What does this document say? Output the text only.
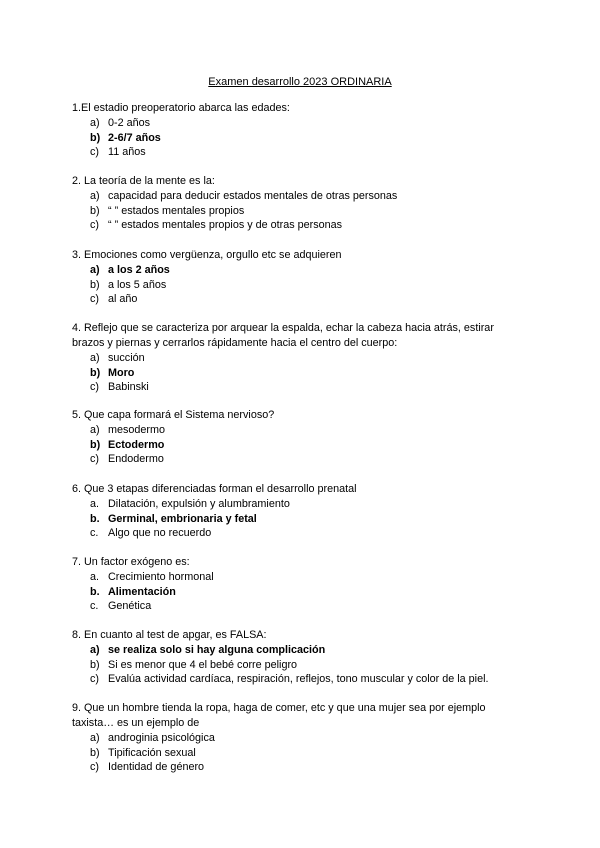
Examen desarrollo 2023 ORDINARIA

1.El estadio preoperatorio abarca las edades:

a) 0-2 años
b) 2-6/7 años
c) 11 años

2. La teoría de la mente es la:

a) capacidad para deducir estados mentales de otras personas
b) “ ” estados mentales propios
c) “ ” estados mentales propios y de otras personas

3. Emociones como vergüenza, orgullo etc se adquieren

a) a los 2 años
b) a los 5 años
c) al año

4. Reflejo que se caracteriza por arquear la espalda, echar la cabeza hacia atrás, estirar brazos y piernas y cerrarlos rápidamente hacia el centro del cuerpo:

a) succión
b) Moro
c) Babinski

5. Que capa formará el Sistema nervioso?

a) mesodermo
b) Ectodermo
c) Endodermo

6. Que 3 etapas diferenciadas forman el desarrollo prenatal

a. Dilatación, expulsión y alumbramiento
b. Germinal, embrionaria y fetal
c. Algo que no recuerdo

7. Un factor exógeno es:

a. Crecimiento hormonal
b. Alimentación
c. Genética

8. En cuanto al test de apgar, es FALSA:

a) se realiza solo si hay alguna complicación
b) Si es menor que 4 el bebé corre peligro
c) Evalúa actividad cardíaca, respiración, reflejos, tono muscular y color de la piel.

9. Que un hombre tienda la ropa, haga de comer, etc y que una mujer sea por ejemplo taxista… es un ejemplo de

a) androginia psicológica
b) Tipificación sexual
c) Identidad de género
